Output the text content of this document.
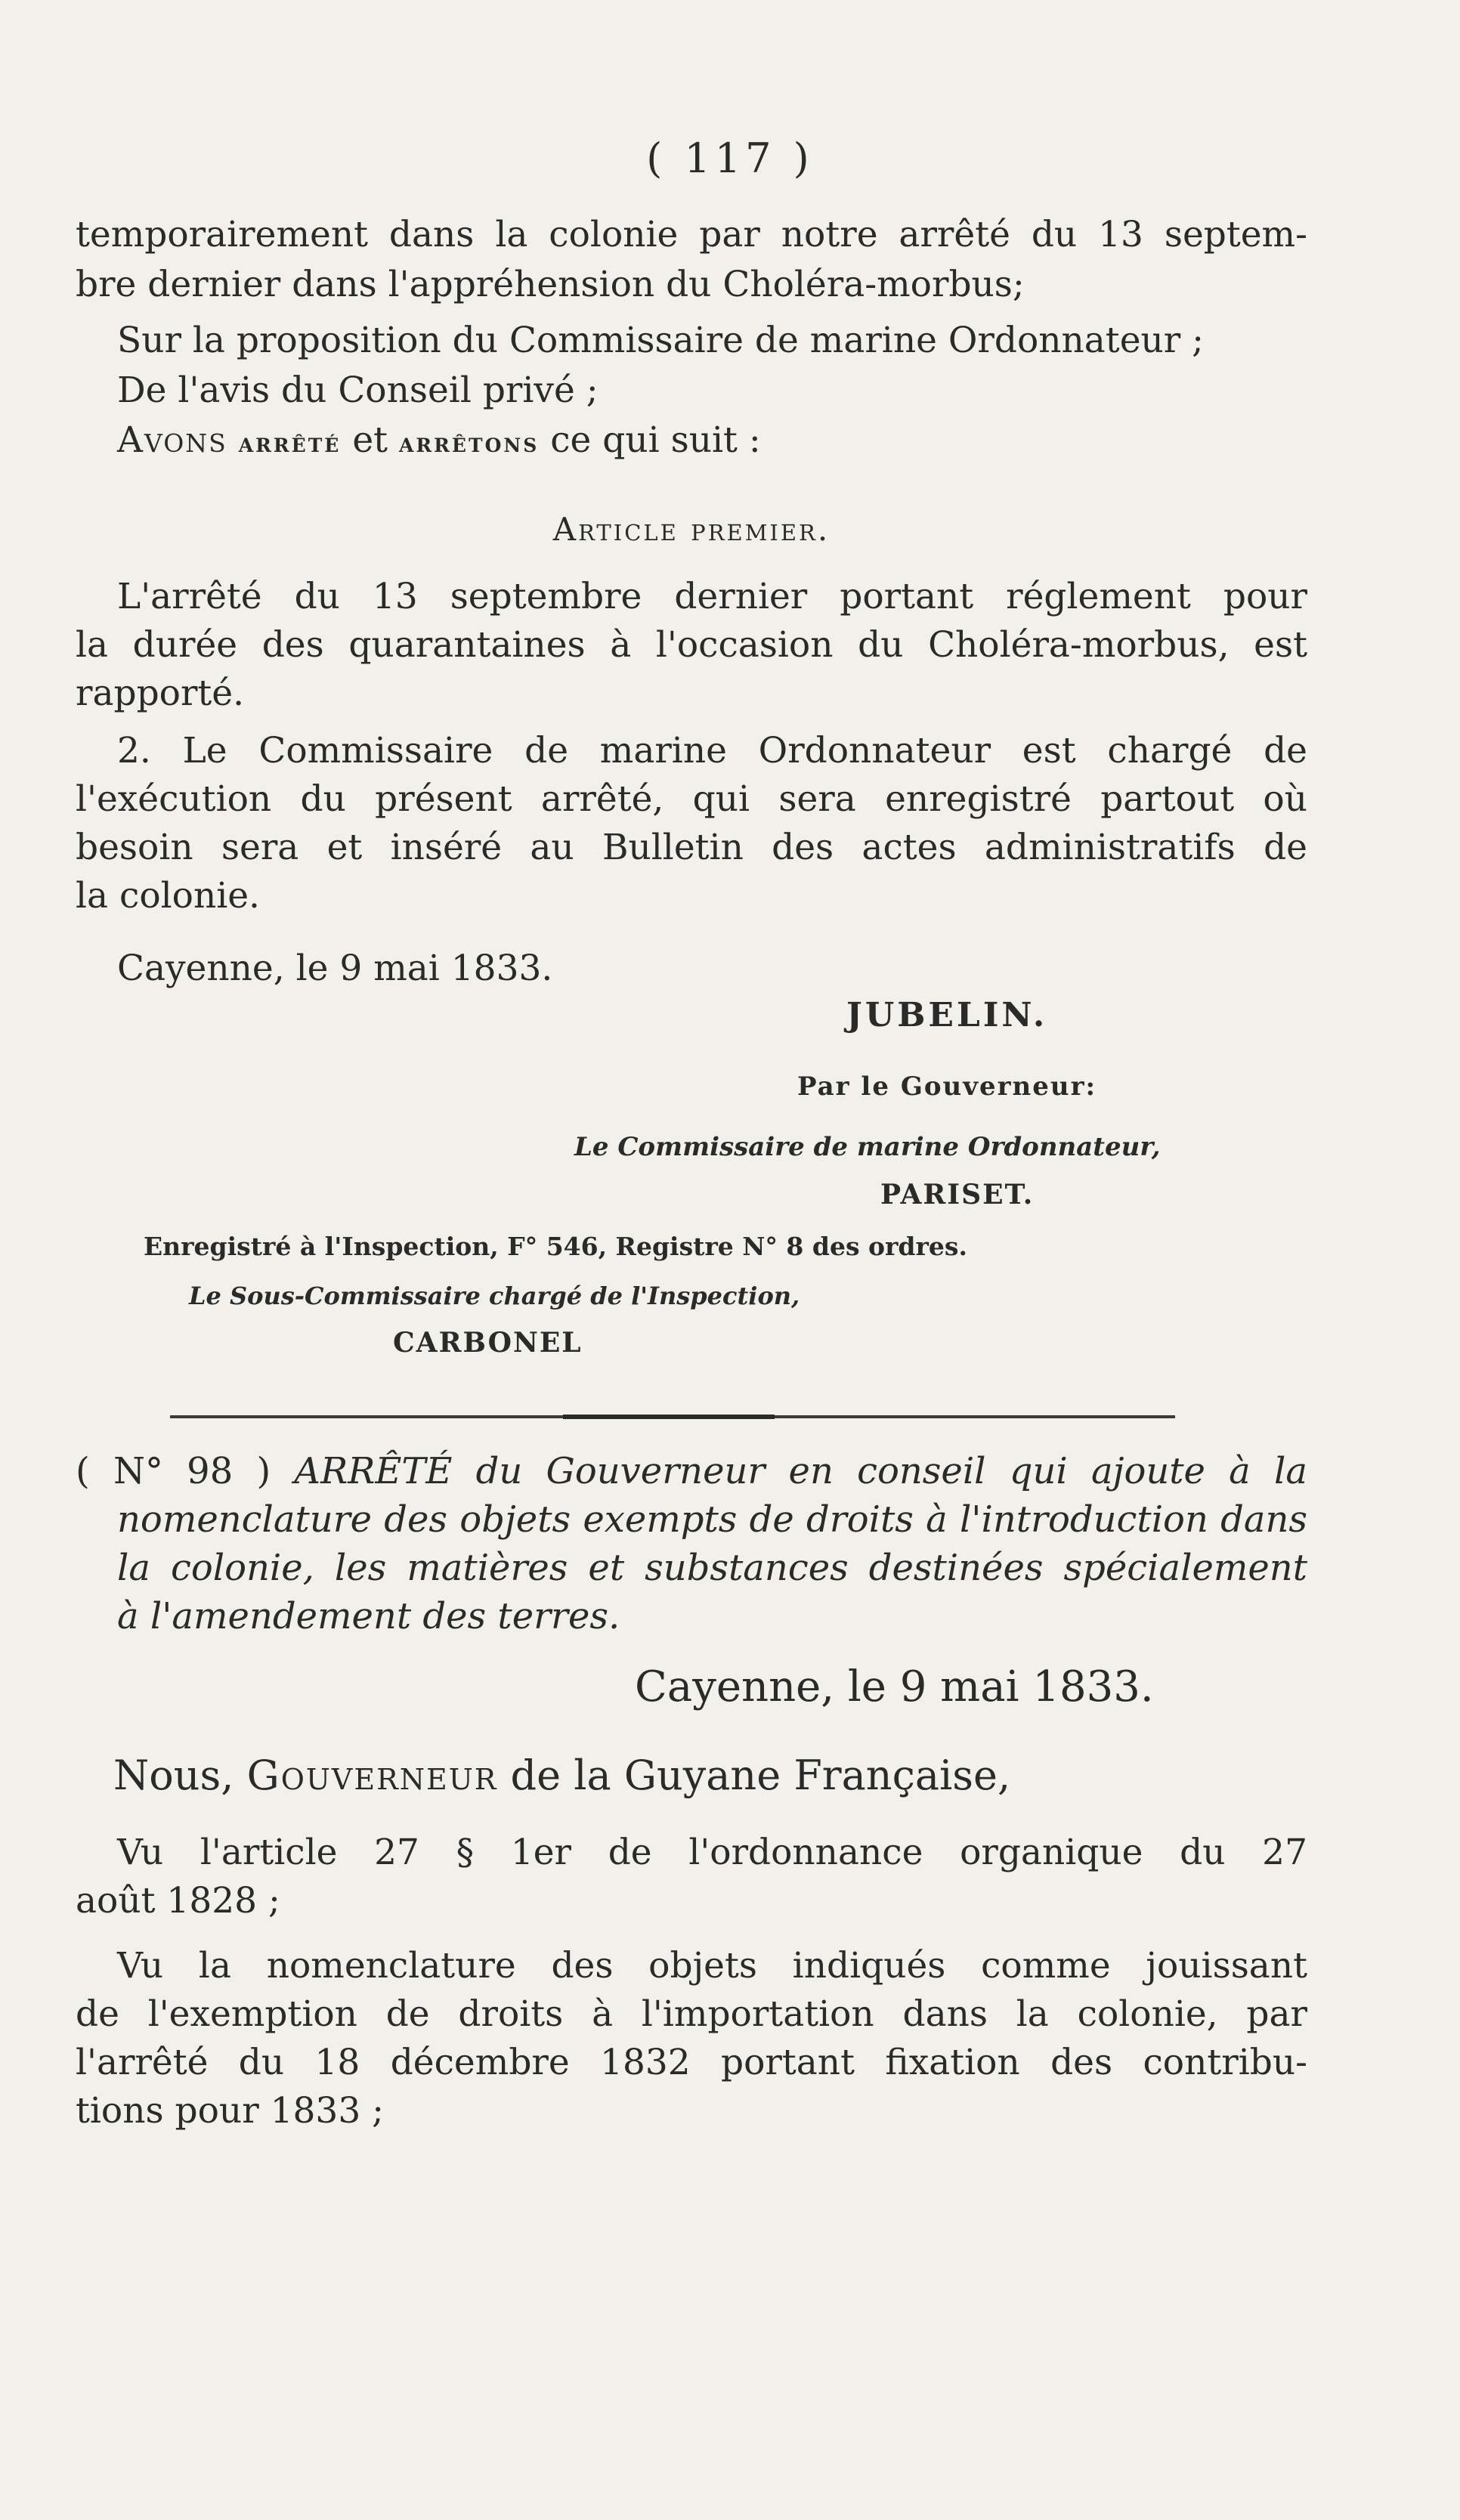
( 117 )

temporairement dans la colonie par notre arrêté du 13 septem-

bre dernier dans l'appréhension du Choléra-morbus;

Sur la proposition du Commissaire de marine Ordonnateur ;

De l'avis du Conseil privé ;

Avons arrêté et arrêtons ce qui suit :

Article premier.

L'arrêté du 13 septembre dernier portant réglement pour

la durée des quarantaines à l'occasion du Choléra-morbus, est

rapporté.

2. Le Commissaire de marine Ordonnateur est chargé de

l'exécution du présent arrêté, qui sera enregistré partout où

besoin sera et inséré au Bulletin des actes administratifs de

la colonie.

Cayenne, le 9 mai 1833.

JUBELIN.

Par le Gouverneur:

Le Commissaire de marine Ordonnateur,

PARISET.

Enregistré à l'Inspection, F° 546, Registre N° 8 des ordres.

Le Sous-Commissaire chargé de l'Inspection,

CARBONEL

( N° 98 ) ARRÊTÉ du Gouverneur en conseil qui ajoute à la

nomenclature des objets exempts de droits à l'introduction dans

la colonie, les matières et substances destinées spécialement

à l'amendement des terres.

Cayenne, le 9 mai 1833.

Nous, Gouverneur de la Guyane Française,

Vu l'article 27 § 1er de l'ordonnance organique du 27

août 1828 ;

Vu la nomenclature des objets indiqués comme jouissant

de l'exemption de droits à l'importation dans la colonie, par

l'arrêté du 18 décembre 1832 portant fixation des contribu-

tions pour 1833 ;
